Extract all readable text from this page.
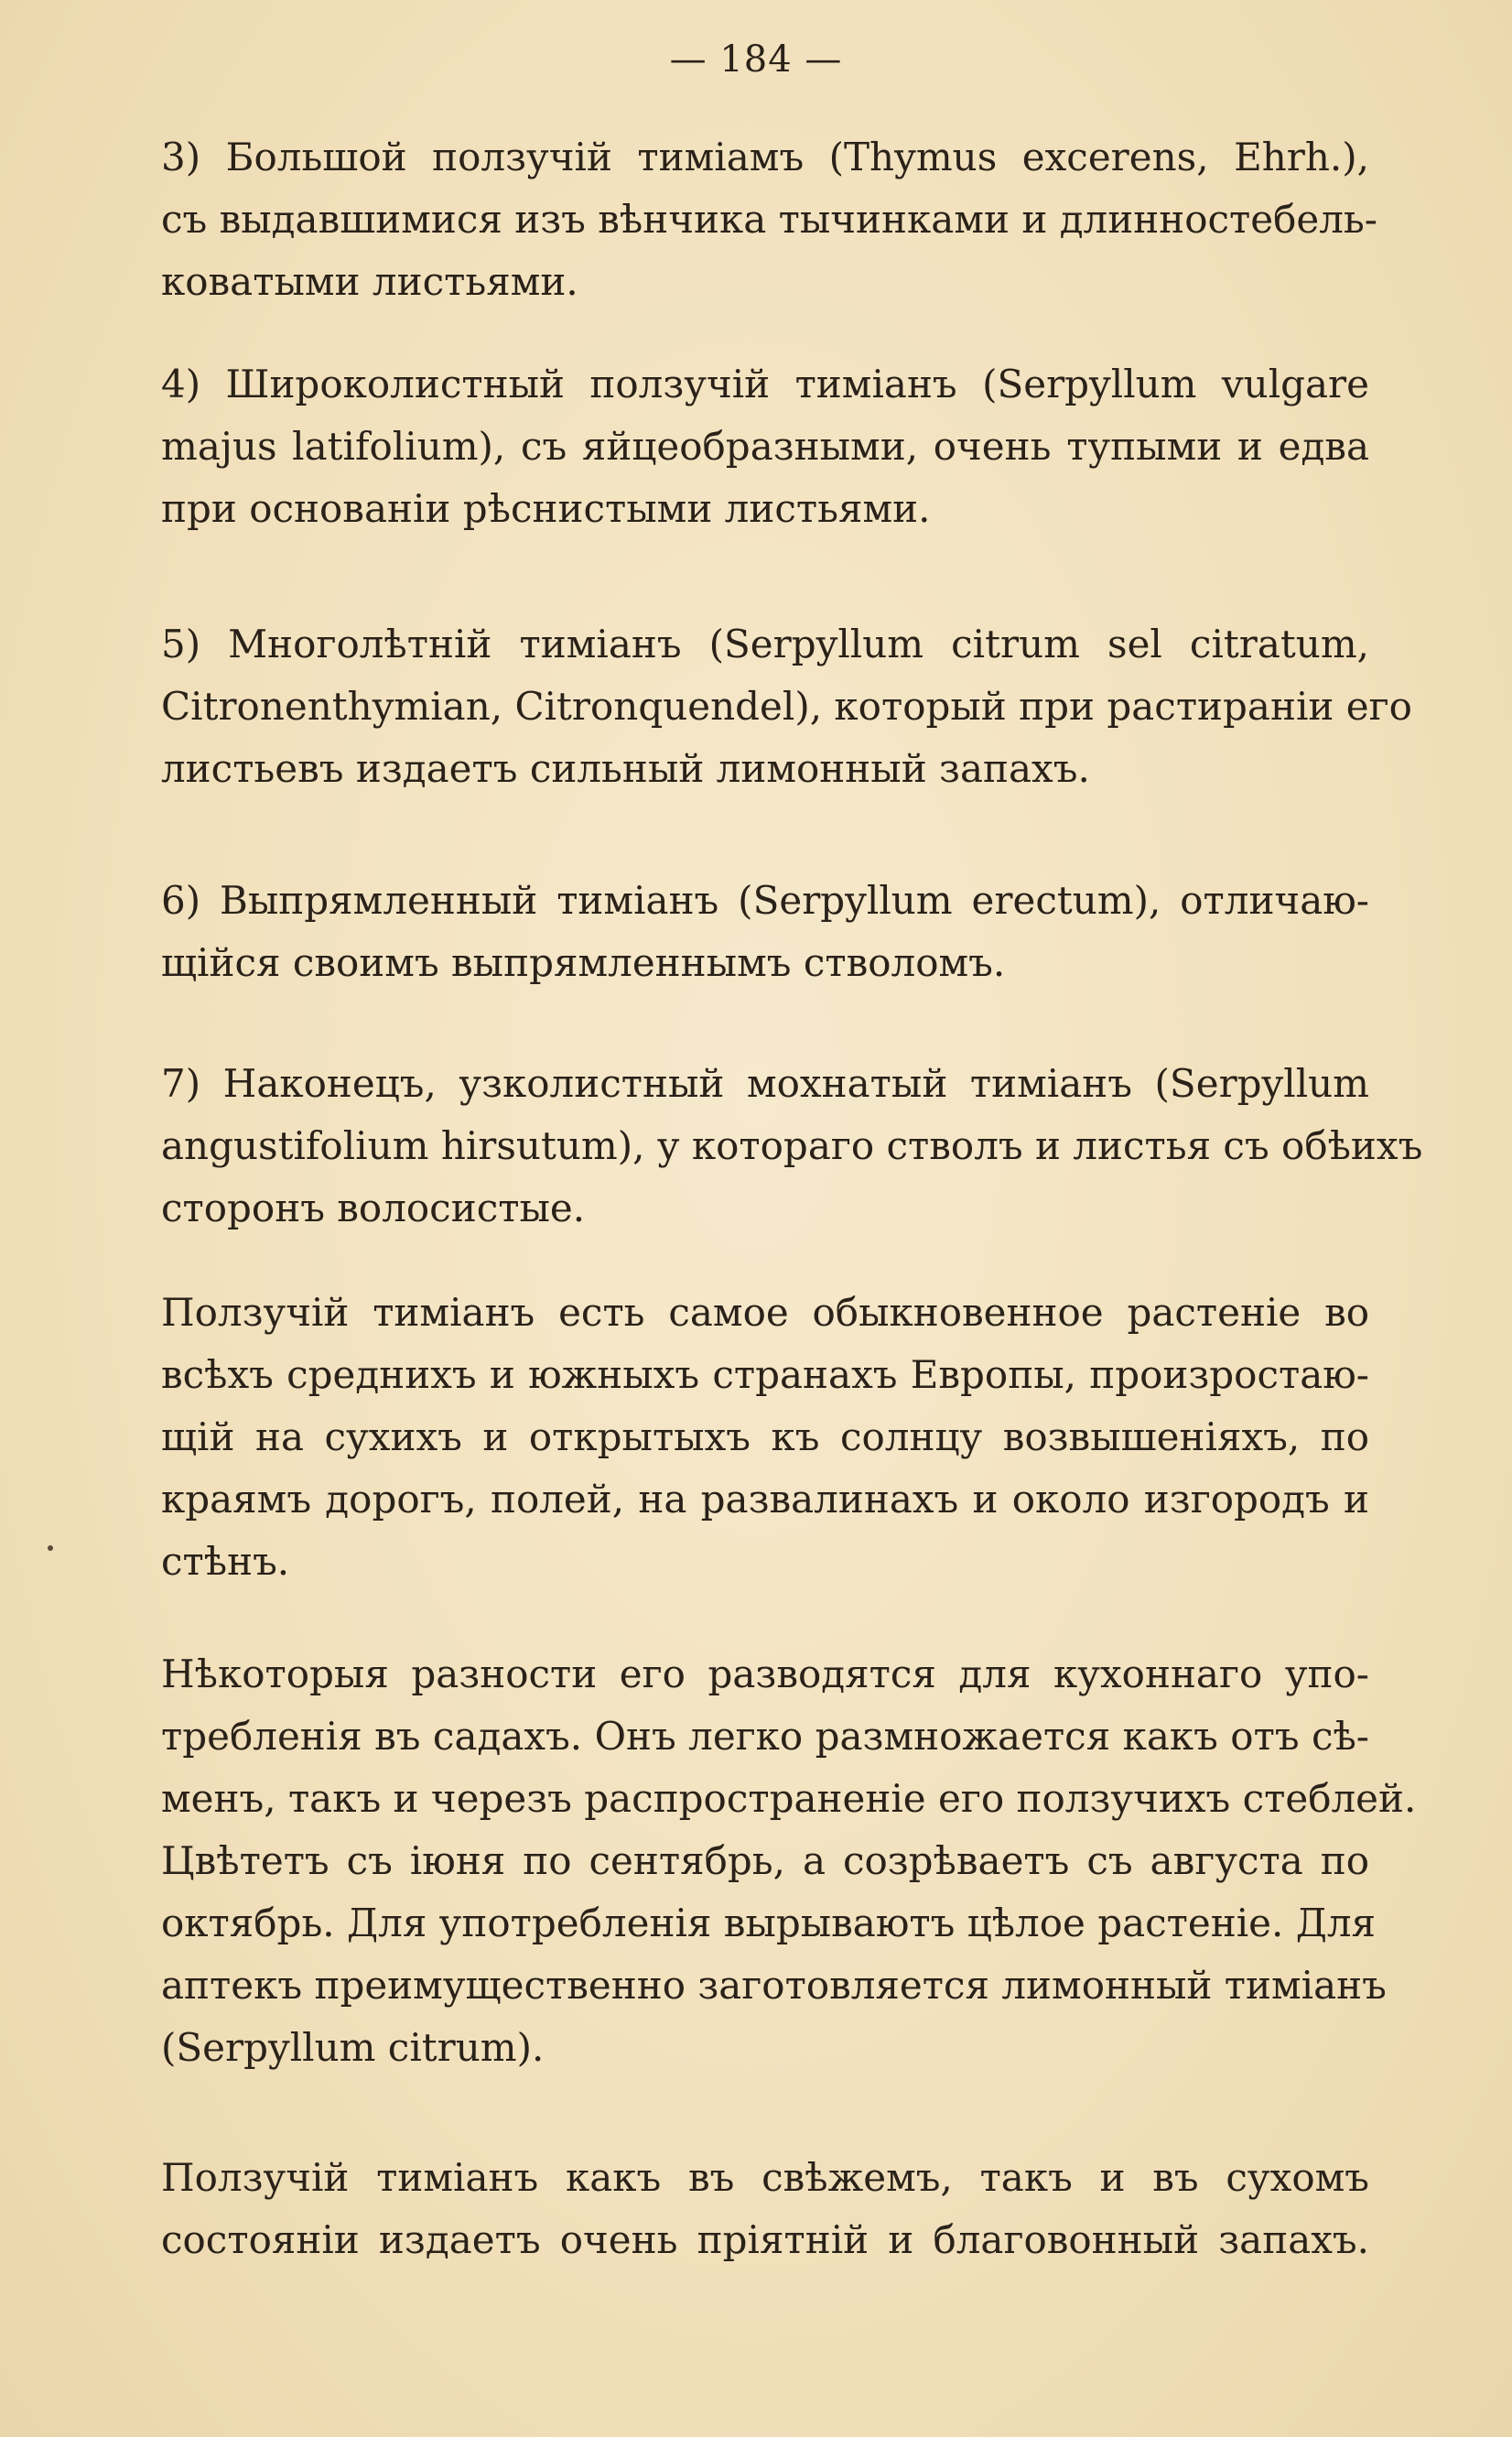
— 184 —

3) Большой ползучій тиміамъ (Thymus excerens, Ehrh.),
съ выдавшимися изъ вѣнчика тычинками и длинностебель-
коватыми листьями.

4) Широколистный ползучій тиміанъ (Serpyllum vulgare
majus latifolium), съ яйцеобразными, очень тупыми и едва
при основаніи рѣснистыми листьями.

5) Многолѣтній тиміанъ (Serpyllum citrum sel citratum,
Citronenthymian, Citronquendel), который при растираніи его
листьевъ издаетъ сильный лимонный запахъ.

6) Выпрямленный тиміанъ (Serpyllum erectum), отличаю-
щійся своимъ выпрямленнымъ стволомъ.

7) Наконецъ, узколистный мохнатый тиміанъ (Serpyllum
angustifolium hirsutum), у котораго стволъ и листья съ обѣихъ
сторонъ волосистые.

Ползучій тиміанъ есть самое обыкновенное растеніе во
всѣхъ среднихъ и южныхъ странахъ Европы, произростаю-
щій на сухихъ и открытыхъ къ солнцу возвышеніяхъ, по
краямъ дорогъ, полей, на развалинахъ и около изгородъ и
стѣнъ.

Нѣкоторыя разности его разводятся для кухоннаго упо-
требленія въ садахъ. Онъ легко размножается какъ отъ сѣ-
менъ, такъ и черезъ распространеніе его ползучихъ стеблей.
Цвѣтетъ съ іюня по сентябрь, а созрѣваетъ съ августа по
октябрь. Для употребленія вырываютъ цѣлое растеніе. Для
аптекъ преимущественно заготовляется лимонный тиміанъ
(Serpyllum citrum).

Ползучій тиміанъ какъ въ свѣжемъ, такъ и въ сухомъ
состояніи издаетъ очень пріятній и благовонный запахъ.
